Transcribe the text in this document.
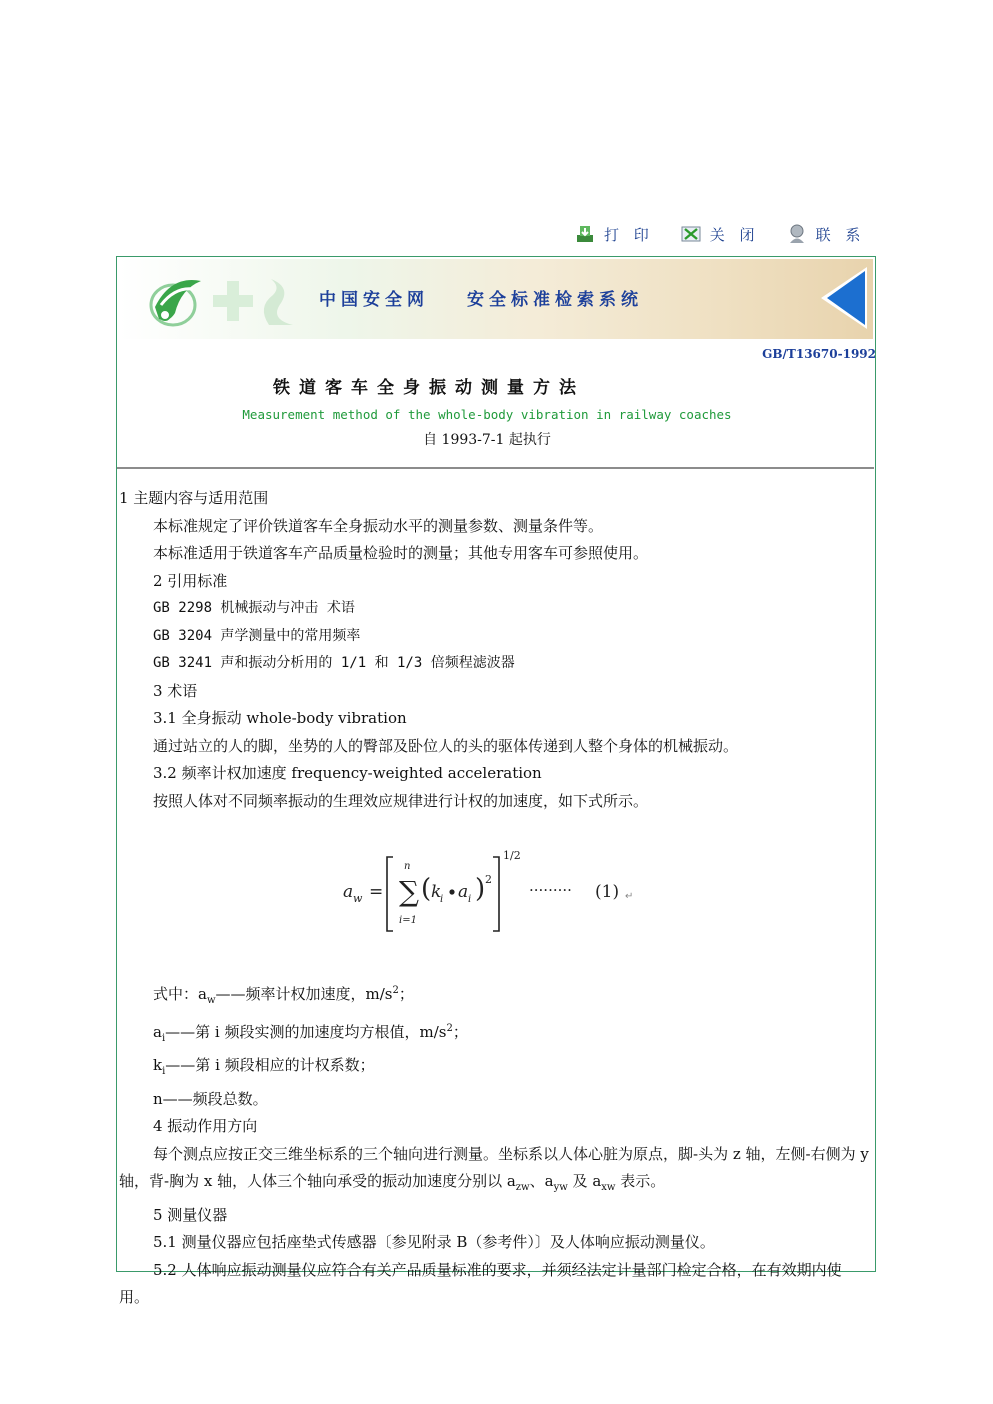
打 印	关 闭	联 系
中国安全网 安全标准检索系统
GB/T13670-1992
铁道客车全身振动测量方法
Measurement method of the whole-body vibration in railway coaches
自 1993-7-1 起执行

1 主题内容与适用范围

本标准规定了评价铁道客车全身振动水平的测量参数、测量条件等。

本标准适用于铁道客车产品质量检验时的测量；其他专用客车可参照使用。

2 引用标准

GB 2298 机械振动与冲击 术语

GB 3204 声学测量中的常用频率

GB 3241 声和振动分析用的 1/1 和 1/3 倍频程滤波器

3 术语

3.1 全身振动 whole-body vibration

通过站立的人的脚，坐势的人的臀部及卧位人的头的驱体传递到人整个身体的机械振动。

3.2 频率计权加速度 frequency-weighted acceleration

按照人体对不同频率振动的生理效应规律进行计权的加速度，如下式所示。

a w = ∑
n
i=1
( k
i a i ) 2
1/2
········· (1) ↵

式中：$a_w——$频率计权加速度，$m/s^2$；

$a_i——$第 i 频段实测的加速度均方根值，$m/s^2$；

$k_i——$第 i 频段相应的计权系数；

n——频段总数。

4 振动作用方向

每个测点应按正交三维坐标系的三个轴向进行测量。坐标系以人体心脏为原点，脚-头为 z 轴，左侧-右侧为 y 轴，背-胸为 x 轴，人体三个轴向承受的振动加速度分别以 $a_{zw}$、$a_{yw}$ 及 $a_{xw}$ 表示。

5 测量仪器

5.1 测量仪器应包括座垫式传感器〔参见附录 B（参考件）〕及人体响应振动测量仪。

5.2 人体响应振动测量仪应符合有关产品质量标准的要求，并须经法定计量部门检定合格，在有效期内使用。
